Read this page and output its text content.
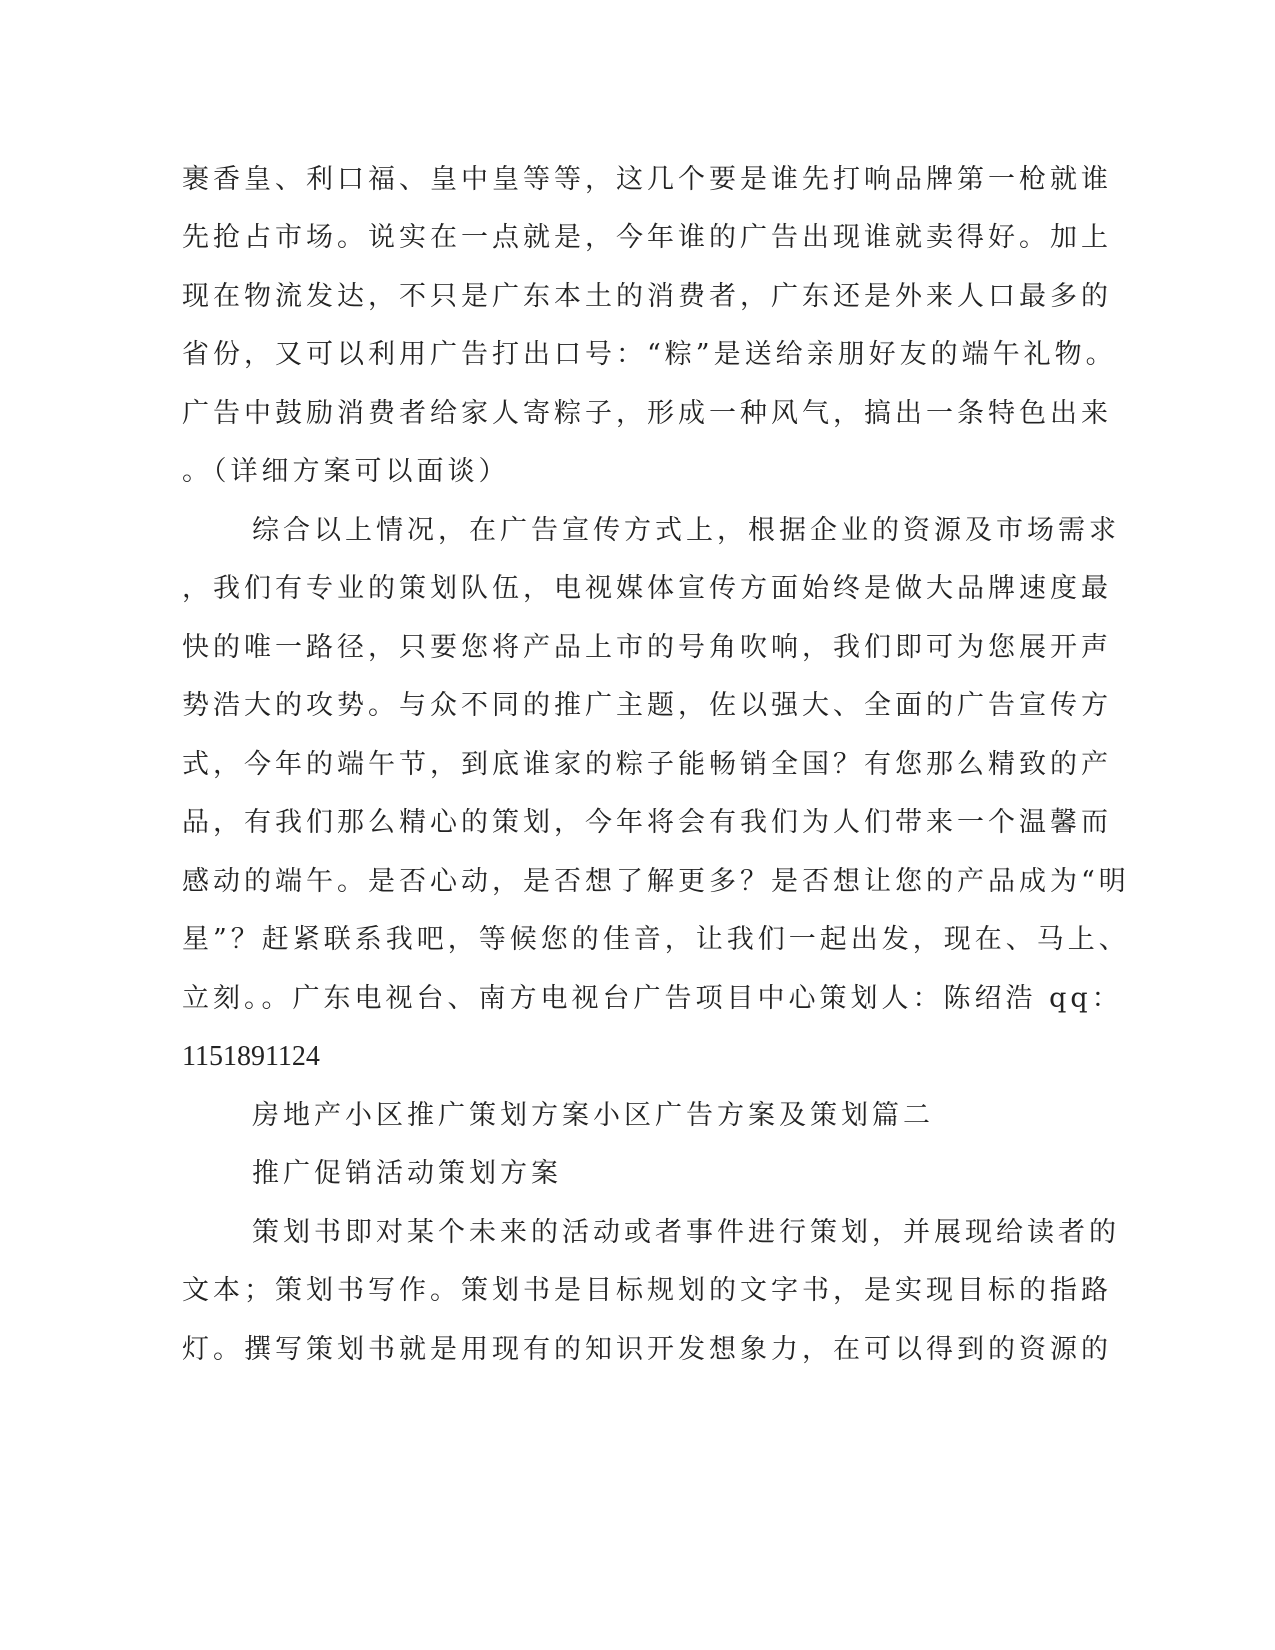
裹香皇、利口福、皇中皇等等，这几个要是谁先打响品牌第一枪就谁
先抢占市场。说实在一点就是，今年谁的广告出现谁就卖得好。加上
现在物流发达，不只是广东本土的消费者，广东还是外来人口最多的
省份，又可以利用广告打出口号：“粽”是送给亲朋好友的端午礼物。
广告中鼓励消费者给家人寄粽子，形成一种风气，搞出一条特色出来
。（详细方案可以面谈）
综合以上情况，在广告宣传方式上，根据企业的资源及市场需求
，我们有专业的策划队伍，电视媒体宣传方面始终是做大品牌速度最
快的唯一路径，只要您将产品上市的号角吹响，我们即可为您展开声
势浩大的攻势。与众不同的推广主题，佐以强大、全面的广告宣传方
式，今年的端午节，到底谁家的粽子能畅销全国？有您那么精致的产
品，有我们那么精心的策划，今年将会有我们为人们带来一个温馨而
感动的端午。是否心动，是否想了解更多？是否想让您的产品成为“明
星”？赶紧联系我吧，等候您的佳音，让我们一起出发，现在、马上、
立刻。。广东电视台、南方电视台广告项目中心策划人：陈绍浩 qq：
1151891124
房地产小区推广策划方案小区广告方案及策划篇二
推广促销活动策划方案
策划书即对某个未来的活动或者事件进行策划，并展现给读者的
文本；策划书写作。策划书是目标规划的文字书，是实现目标的指路
灯。撰写策划书就是用现有的知识开发想象力，在可以得到的资源的
